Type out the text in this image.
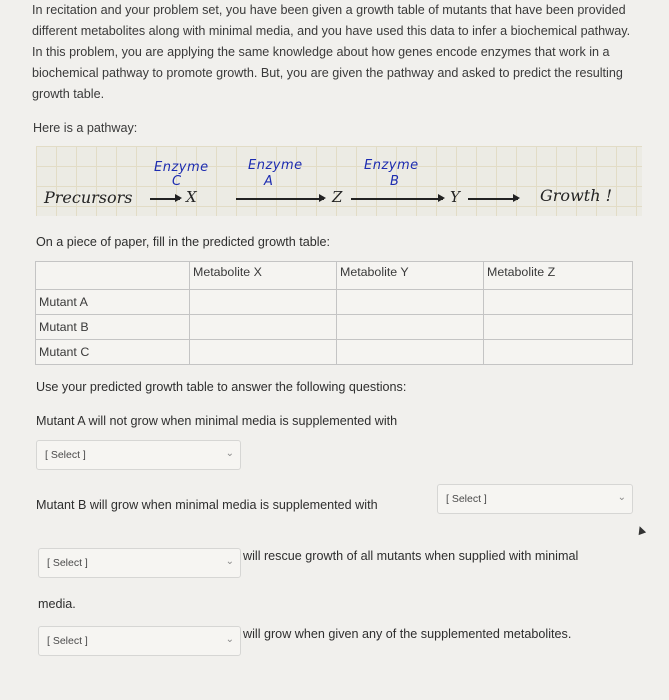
In recitation and your problem set, you have been given a growth table of mutants that have been provided different metabolites along with minimal media, and you have used this data to infer a biochemical pathway. In this problem, you are applying the same knowledge about how genes encode enzymes that work in a biochemical pathway to promote growth. But, you are given the pathway and asked to predict the resulting growth table.
Here is a pathway:
Precursors
Enzyme
C
X
Enzyme
A
Z
Enzyme
B
Y	Growth !
On a piece of paper, fill in the predicted growth table:
	Metabolite X	Metabolite Y	Metabolite Z
Mutant A			
Mutant B			
Mutant C			
Use your predicted growth table to answer the following questions:
Mutant A will not grow when minimal media is supplemented with
[ Select ]	⌄
Mutant B will grow when minimal media is supplemented with	[ Select ]	⌄
[ Select ]	⌄ will rescue growth of all mutants when supplied with minimal
media.
[ Select ]	⌄ will grow when given any of the supplemented metabolites.
